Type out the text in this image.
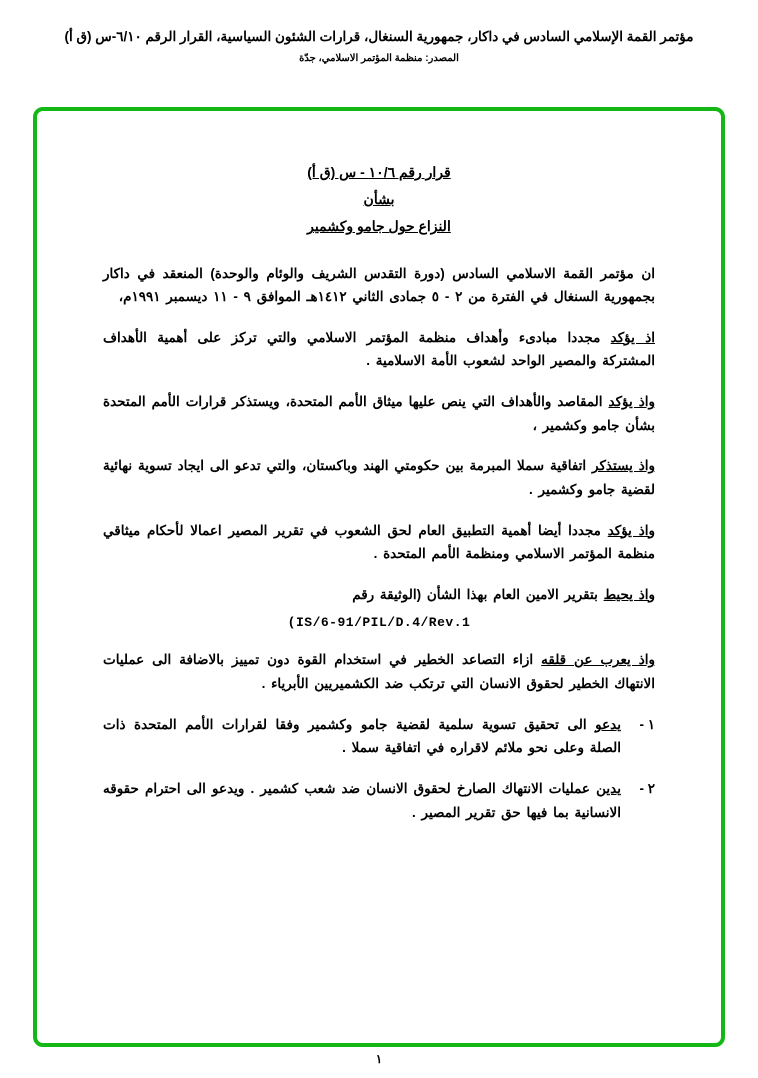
مؤتمر القمة الإسلامي السادس في داكار، جمهورية السنغال، قرارات الشئون السياسية، القرار الرقم ٦/١٠-س (ق أ)
المصدر: منظمة المؤتمر الاسلامي، جدّة
قرار رقم ١٠/٦ - س (ق أ)
بشأن
النزاع حول جامو وكشمير

ان مؤتمر القمة الاسلامي السادس (دورة التقدس الشريف والوئام والوحدة) المنعقد في داكار بجمهورية السنغال في الفترة من ٢ - ٥ جمادى الثاني ١٤١٢هـ الموافق ٩ - ١١ ديسمبر ١٩٩١م،

اذ يؤكد مجددا مبادىء وأهداف منظمة المؤتمر الاسلامي والتي تركز على أهمية الأهداف المشتركة والمصير الواحد لشعوب الأمة الاسلامية .

واذ يؤكد المقاصد والأهداف التي ينص عليها ميثاق الأمم المتحدة، ويستذكر قرارات الأمم المتحدة بشأن جامو وكشمير ،

واذ يستذكر اتفاقية سملا المبرمة بين حكومتي الهند وباكستان، والتي تدعو الى ايجاد تسوية نهائية لقضية جامو وكشمير .

واذ يؤكد مجددا أيضا أهمية التطبيق العام لحق الشعوب في تقرير المصير اعمالا لأحكام ميثاقي منظمة المؤتمر الاسلامي ومنظمة الأمم المتحدة .

واذ يحيط بتقرير الامين العام بهذا الشأن (الوثيقة رقم

(IS/6-91/PIL/D.4/Rev.1

واذ يعرب عن قلقه ازاء التصاعد الخطير في استخدام القوة دون تمييز بالاضافة الى عمليات الانتهاك الخطير لحقوق الانسان التي ترتكب ضد الكشميريين الأبرياء .

١ -
يدعو الى تحقيق تسوية سلمية لقضية جامو وكشمير وفقا لقرارات الأمم المتحدة ذات الصلة وعلى نحو ملائم لاقراره في اتفاقية سملا .
٢ -
يدين عمليات الانتهاك الصارخ لحقوق الانسان ضد شعب كشمير . ويدعو الى احترام حقوقه الانسانية بما فيها حق تقرير المصير .
١
